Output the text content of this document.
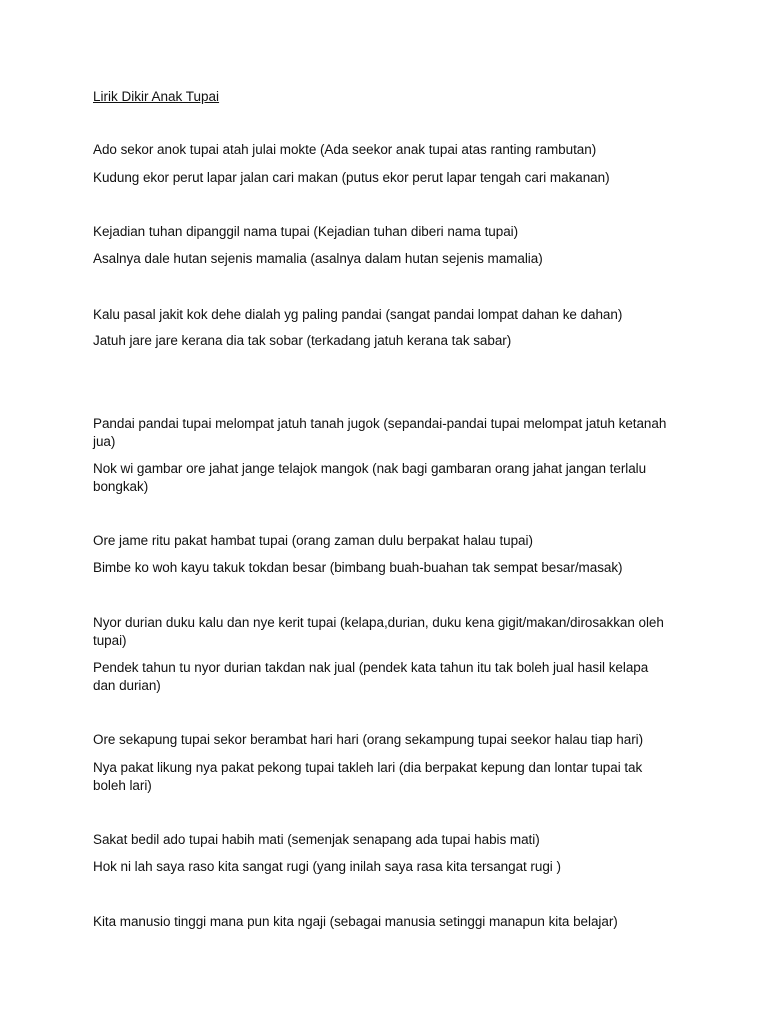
Lirik Dikir Anak Tupai
Ado sekor anok tupai atah julai mokte (Ada seekor anak tupai atas ranting rambutan)
Kudung ekor perut lapar jalan cari makan (putus ekor perut lapar tengah cari makanan)
Kejadian tuhan dipanggil nama tupai (Kejadian tuhan diberi nama tupai)
Asalnya dale hutan sejenis mamalia (asalnya dalam hutan sejenis mamalia)
Kalu pasal jakit kok dehe dialah yg paling pandai (sangat pandai lompat dahan ke dahan)
Jatuh jare jare kerana dia tak sobar (terkadang jatuh kerana tak sabar)
Pandai pandai tupai melompat jatuh tanah jugok (sepandai-pandai tupai melompat jatuh ketanah jua)
Nok wi gambar ore jahat jange telajok mangok (nak bagi gambaran orang jahat jangan terlalu bongkak)
Ore jame ritu pakat hambat tupai (orang zaman dulu berpakat halau tupai)
Bimbe ko woh kayu takuk tokdan besar (bimbang buah-buahan tak sempat besar/masak)
Nyor durian duku kalu dan nye kerit tupai (kelapa,durian, duku kena gigit/makan/dirosakkan oleh tupai)
Pendek tahun tu nyor durian takdan nak jual (pendek kata tahun itu tak boleh jual hasil kelapa dan durian)
Ore sekapung tupai sekor berambat hari hari (orang sekampung tupai seekor halau tiap hari)
Nya pakat likung nya pakat pekong tupai takleh lari (dia berpakat kepung dan lontar tupai tak boleh lari)
Sakat bedil ado tupai habih mati (semenjak senapang ada tupai habis mati)
Hok ni lah saya raso kita sangat rugi (yang inilah saya rasa kita tersangat rugi )
Kita manusio tinggi mana pun kita ngaji (sebagai manusia setinggi manapun kita belajar)
